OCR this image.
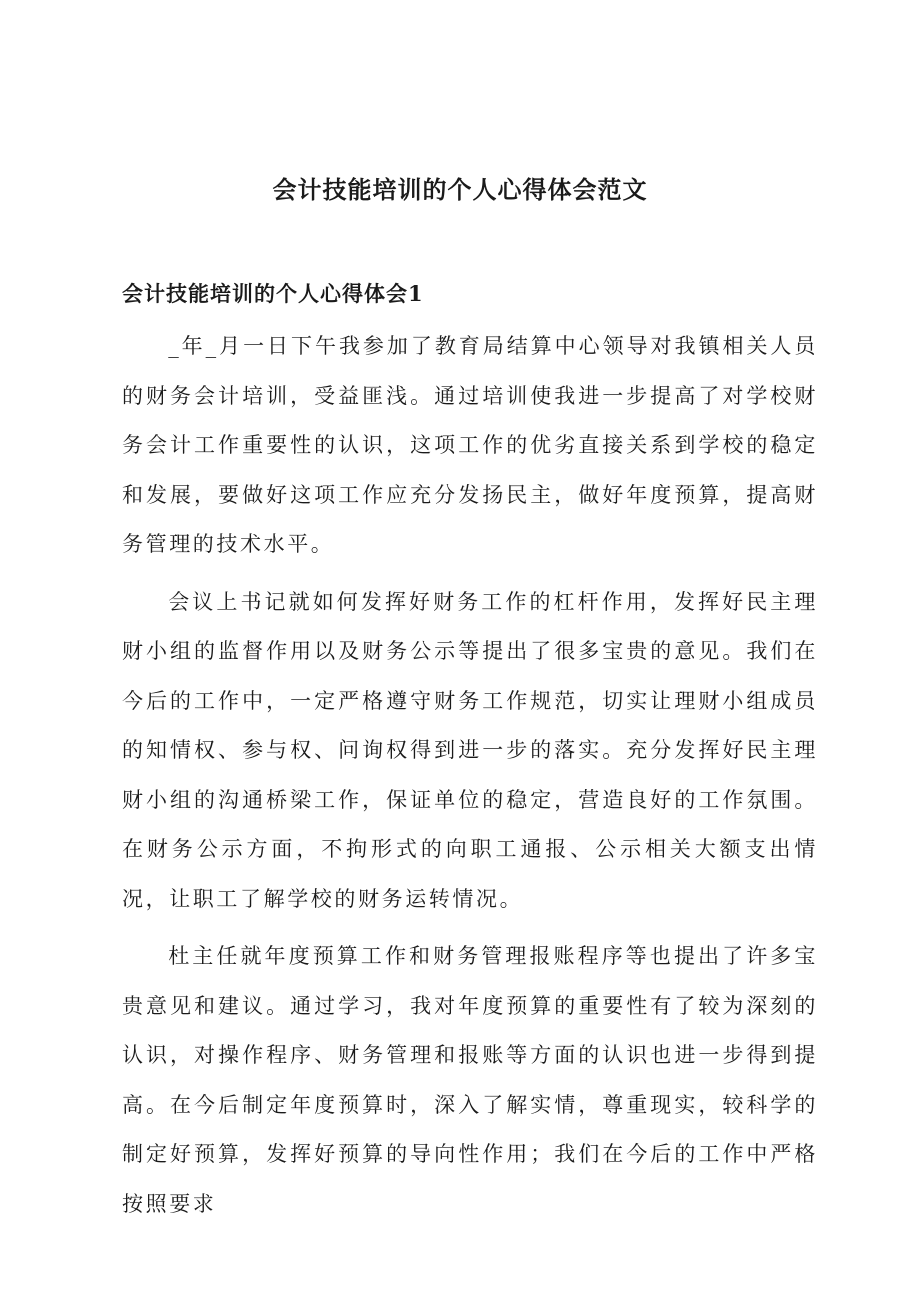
会计技能培训的个人心得体会范文
会计技能培训的个人心得体会1

_年_月一日下午我参加了教育局结算中心领导对我镇相关人员的财务会计培训，受益匪浅。通过培训使我进一步提高了对学校财务会计工作重要性的认识，这项工作的优劣直接关系到学校的稳定和发展，要做好这项工作应充分发扬民主，做好年度预算，提高财务管理的技术水平。

会议上书记就如何发挥好财务工作的杠杆作用，发挥好民主理财小组的监督作用以及财务公示等提出了很多宝贵的意见。我们在今后的工作中，一定严格遵守财务工作规范，切实让理财小组成员的知情权、参与权、问询权得到进一步的落实。充分发挥好民主理财小组的沟通桥梁工作，保证单位的稳定，营造良好的工作氛围。在财务公示方面，不拘形式的向职工通报、公示相关大额支出情况，让职工了解学校的财务运转情况。

杜主任就年度预算工作和财务管理报账程序等也提出了许多宝贵意见和建议。通过学习，我对年度预算的重要性有了较为深刻的认识，对操作程序、财务管理和报账等方面的认识也进一步得到提高。在今后制定年度预算时，深入了解实情，尊重现实，较科学的制定好预算，发挥好预算的导向性作用；我们在今后的工作中严格按照要求
